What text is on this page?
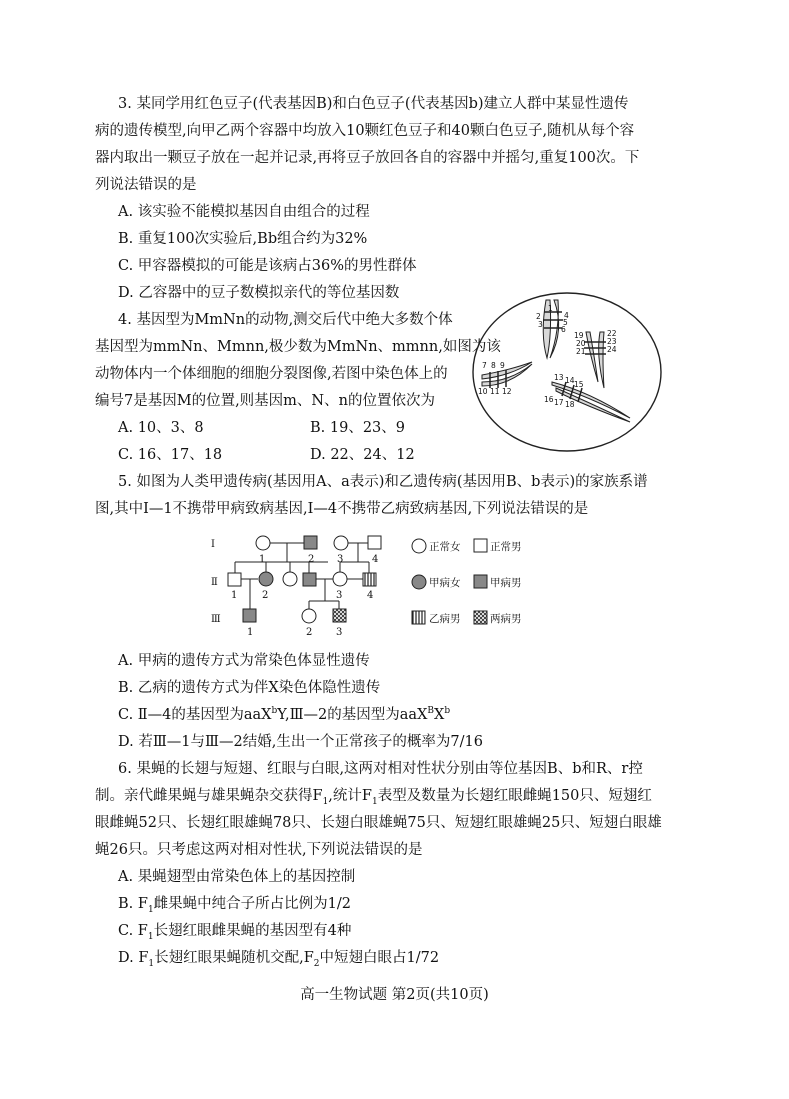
3. 某同学用红色豆子(代表基因B)和白色豆子(代表基因b)建立人群中某显性遗传
病的遗传模型,向甲乙两个容器中均放入10颗红色豆子和40颗白色豆子,随机从每个容
器内取出一颗豆子放在一起并记录,再将豆子放回各自的容器中并摇匀,重复100次。下
列说法错误的是
A. 该实验不能模拟基因自由组合的过程
B. 重复100次实验后,Bb组合约为32%
C. 甲容器模拟的可能是该病占36%的男性群体
D. 乙容器中的豆子数模拟亲代的等位基因数
4. 基因型为MmNn的动物,测交后代中绝大多数个体
基因型为mmNn、Mmnn,极少数为MmNn、mmnn,如图为该
动物体内一个体细胞的细胞分裂图像,若图中染色体上的
编号7是基因M的位置,则基因m、N、n的位置依次为
A. 10、3、8	B. 19、23、9
C. 16、17、18	D. 22、24、12
1
2
3
4
5
6
7 8 9
10 11 12
13 14 15
16 17 18
19
20
21
22
23
24
5. 如图为人类甲遗传病(基因用A、a表示)和乙遗传病(基因用B、b表示)的家族系谱
图,其中Ⅰ—1不携带甲病致病基因,Ⅰ—4不携带乙病致病基因,下列说法错误的是
Ⅰ
Ⅱ
Ⅲ
1	2 3	4
1 2	3 4
1	2 3
正常女	正常男
甲病女	甲病男
乙病男	两病男
A. 甲病的遗传方式为常染色体显性遗传
B. 乙病的遗传方式为伴X染色体隐性遗传
C. Ⅱ—4的基因型为aaX$^b$Y,Ⅲ—2的基因型为$aaX^BX^b$
D. 若Ⅲ—1与Ⅲ—2结婚,生出一个正常孩子的概率为7/16
6. 果蝇的长翅与短翅、红眼与白眼,这两对相对性状分别由等位基因B、b和R、r控
制。亲代雌果蝇与雄果蝇杂交获得$F_1$,统计$F_1$表型及数量为长翅红眼雌蝇150只、短翅红
眼雌蝇52只、长翅红眼雄蝇78只、长翅白眼雄蝇75只、短翅红眼雄蝇25只、短翅白眼雄
蝇26只。只考虑这两对相对性状,下列说法错误的是
A. 果蝇翅型由常染色体上的基因控制
B. $F_1$雌果蝇中纯合子所占比例为1/2
C. $F_1$长翅红眼雌果蝇的基因型有4种
D. $F_1$长翅红眼果蝇随机交配$,F_2$中短翅白眼占1/72
高一生物试题 第2页(共10页)
